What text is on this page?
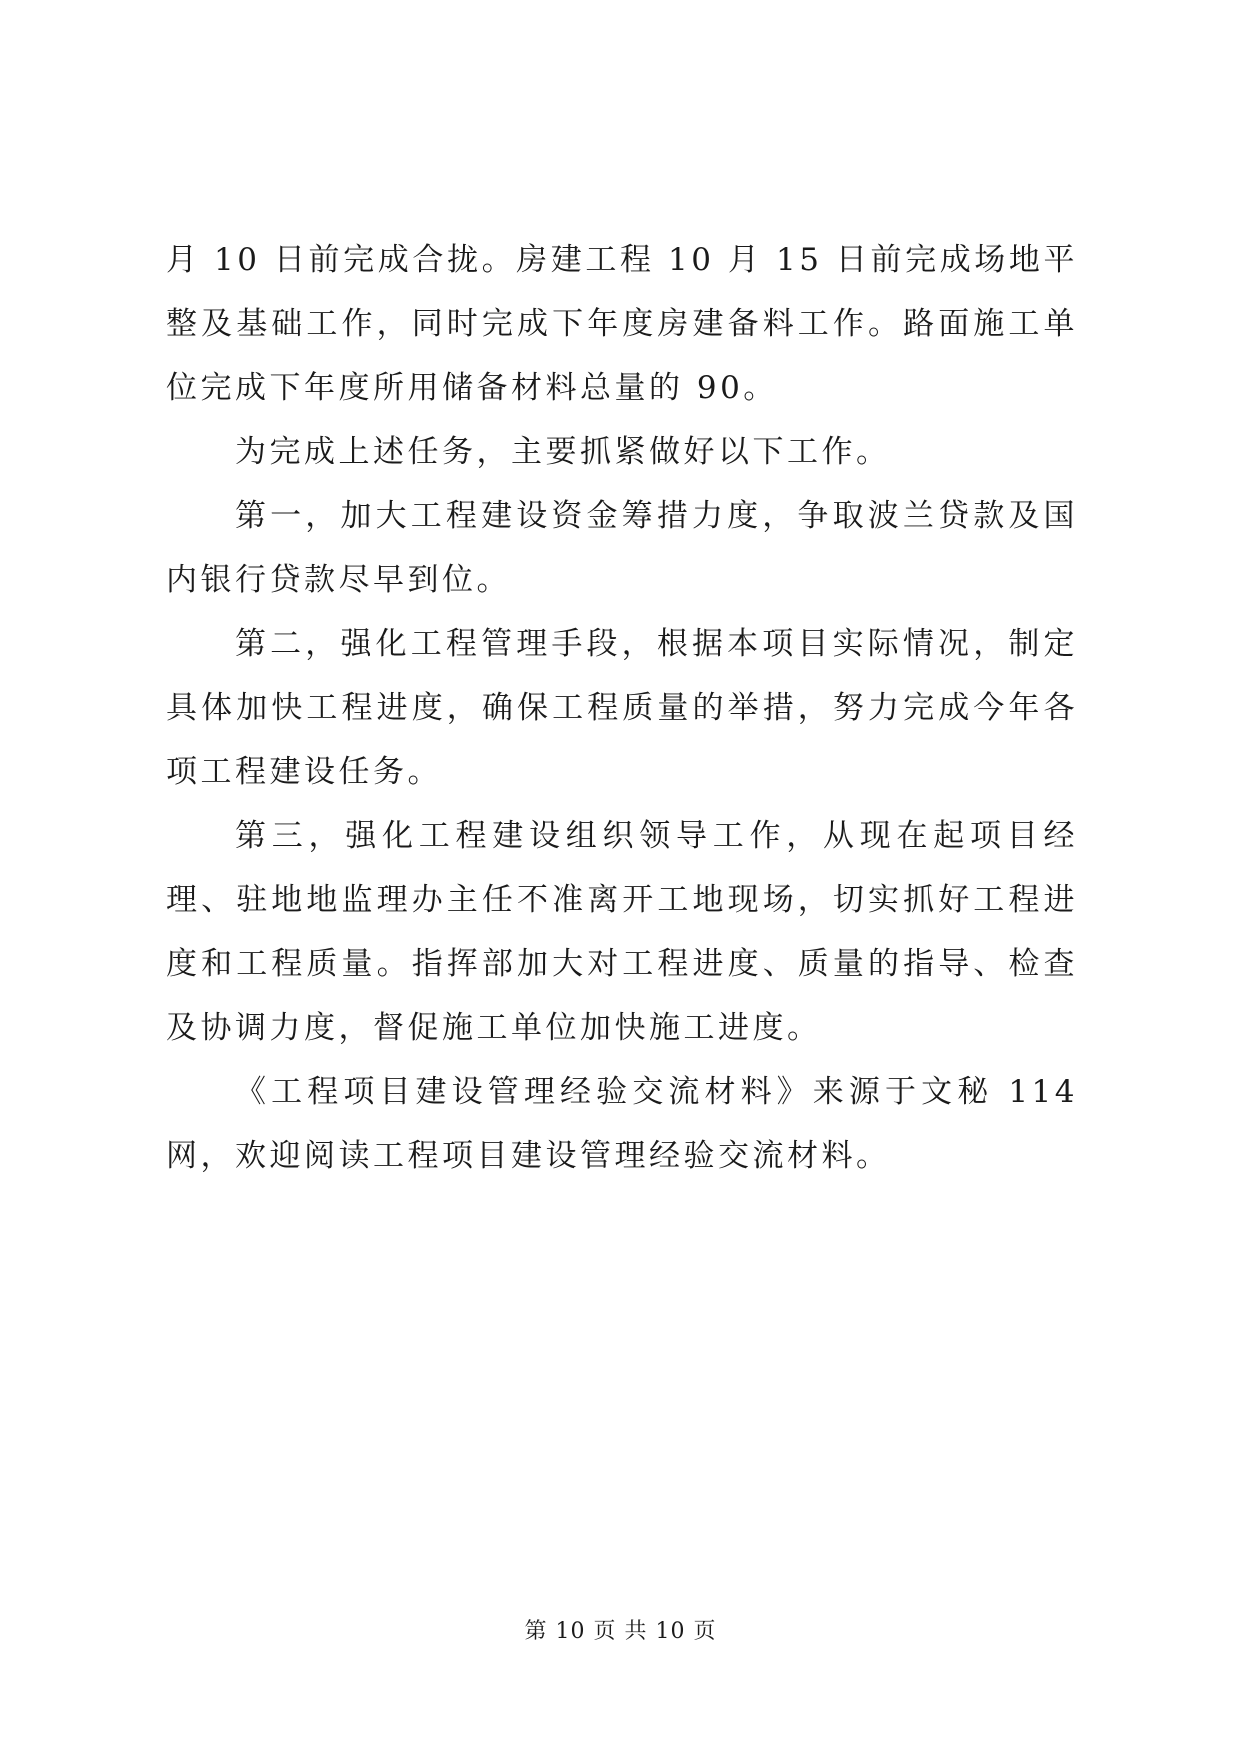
月 10 日前完成合拢。房建工程 10 月 15 日前完成场地平整及基础工作，同时完成下年度房建备料工作。路面施工单位完成下年度所用储备材料总量的 90。

为完成上述任务，主要抓紧做好以下工作。

第一，加大工程建设资金筹措力度，争取波兰贷款及国内银行贷款尽早到位。

第二，强化工程管理手段，根据本项目实际情况，制定具体加快工程进度，确保工程质量的举措，努力完成今年各项工程建设任务。

第三，强化工程建设组织领导工作，从现在起项目经理、驻地地监理办主任不准离开工地现场，切实抓好工程进度和工程质量。指挥部加大对工程进度、质量的指导、检查及协调力度，督促施工单位加快施工进度。

《工程项目建设管理经验交流材料》来源于文秘 114 网，欢迎阅读工程项目建设管理经验交流材料。

第 10 页 共 10 页
